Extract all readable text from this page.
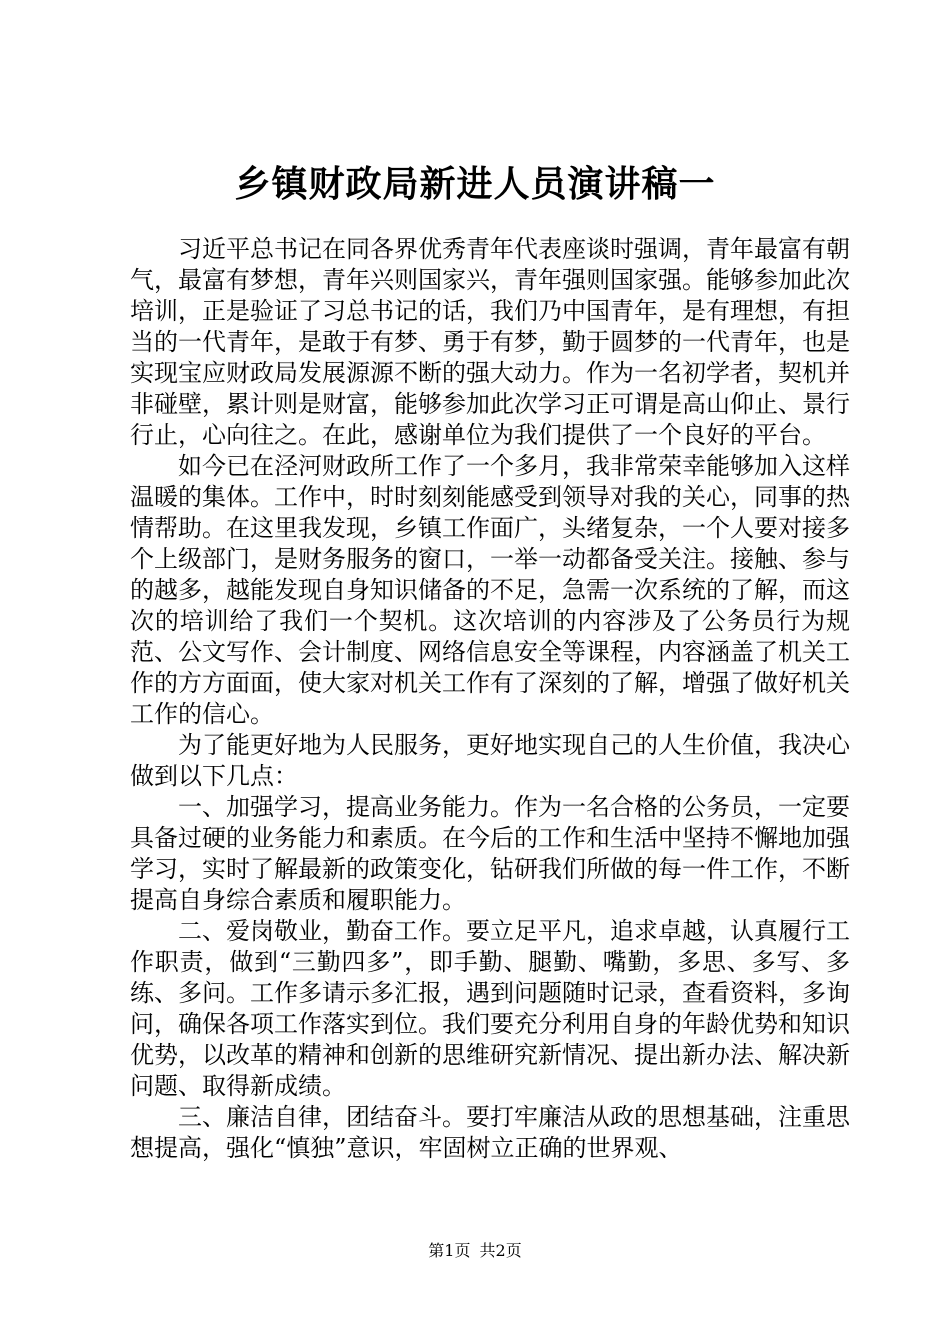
乡镇财政局新进人员演讲稿一

习近平总书记在同各界优秀青年代表座谈时强调，青年最富有朝气，最富有梦想，青年兴则国家兴，青年强则国家强。能够参加此次培训，正是验证了习总书记的话，我们乃中国青年，是有理想，有担当的一代青年，是敢于有梦、勇于有梦，勤于圆梦的一代青年，也是实现宝应财政局发展源源不断的强大动力。作为一名初学者，契机并非碰壁，累计则是财富，能够参加此次学习正可谓是高山仰止、景行行止，心向往之。在此，感谢单位为我们提供了一个良好的平台。

如今已在泾河财政所工作了一个多月，我非常荣幸能够加入这样温暖的集体。工作中，时时刻刻能感受到领导对我的关心，同事的热情帮助。在这里我发现，乡镇工作面广，头绪复杂，一个人要对接多个上级部门，是财务服务的窗口，一举一动都备受关注。接触、参与的越多，越能发现自身知识储备的不足，急需一次系统的了解，而这次的培训给了我们一个契机。这次培训的内容涉及了公务员行为规范、公文写作、会计制度、网络信息安全等课程，内容涵盖了机关工作的方方面面，使大家对机关工作有了深刻的了解，增强了做好机关工作的信心。

为了能更好地为人民服务，更好地实现自己的人生价值，我决心做到以下几点：

一、加强学习，提高业务能力。作为一名合格的公务员，一定要具备过硬的业务能力和素质。在今后的工作和生活中坚持不懈地加强学习，实时了解最新的政策变化，钻研我们所做的每一件工作，不断提高自身综合素质和履职能力。

二、爱岗敬业，勤奋工作。要立足平凡，追求卓越，认真履行工作职责，做到“三勤四多”，即手勤、腿勤、嘴勤，多思、多写、多练、多问。工作多请示多汇报，遇到问题随时记录，查看资料，多询问，确保各项工作落实到位。我们要充分利用自身的年龄优势和知识优势，以改革的精神和创新的思维研究新情况、提出新办法、解决新问题、取得新成绩。

三、廉洁自律，团结奋斗。要打牢廉洁从政的思想基础，注重思想提高，强化“慎独”意识，牢固树立正确的世界观、

第1页 共2页
